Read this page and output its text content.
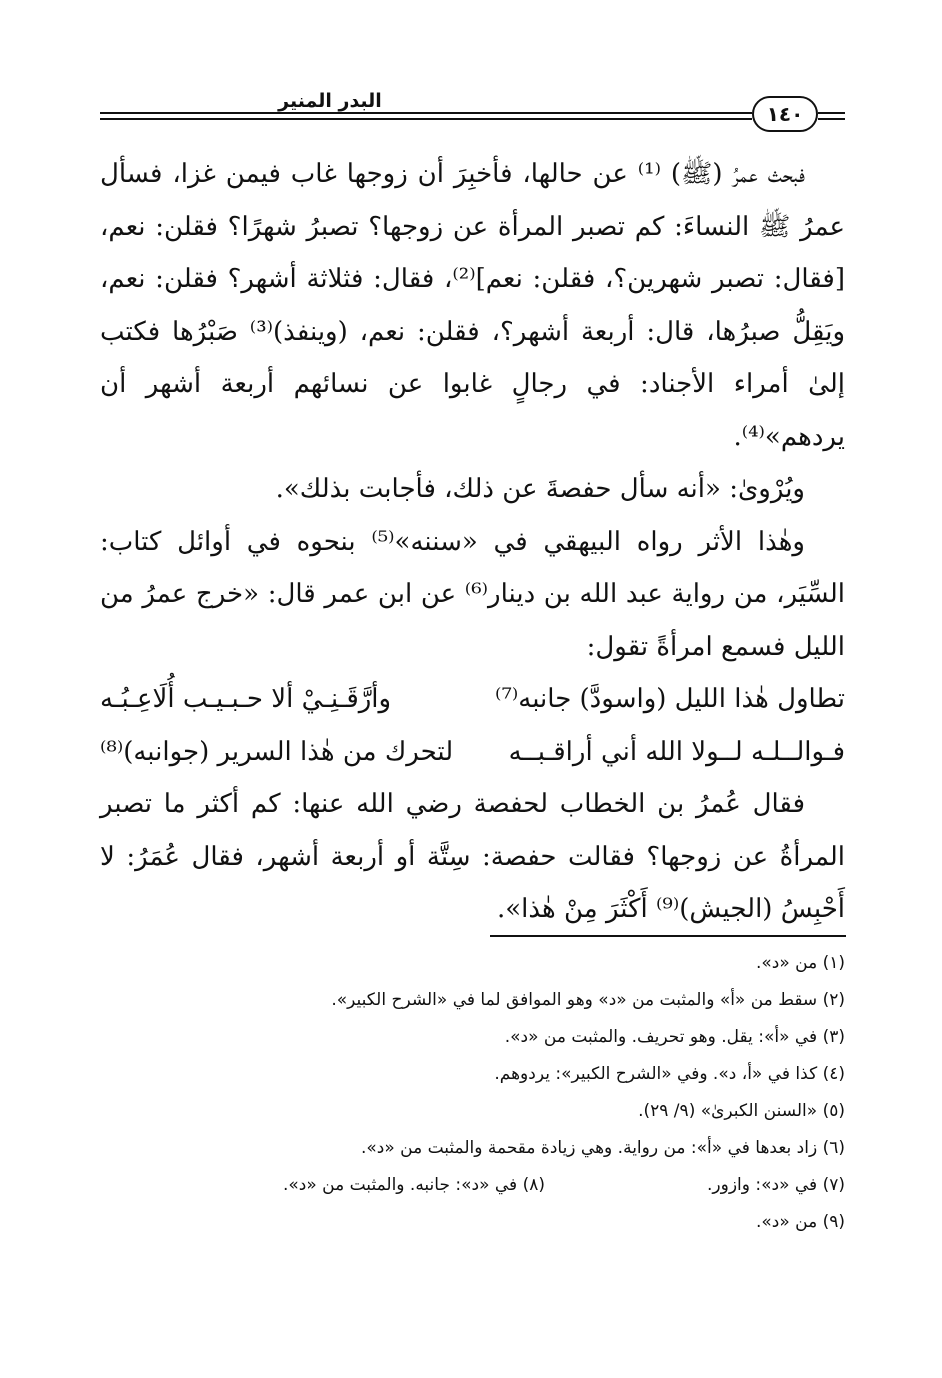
البدر المنير
١٤٠

فبحث عمرُ (ﷺ) ⁽¹⁾ عن حالها، فأخبِرَ أن زوجها غاب فيمن غزا، فسأل عمرُ ﷺ النساءَ: كم تصبر المرأة عن زوجها؟ تصبرُ شهرًا؟ فقلن: نعم، [فقال: تصبر شهرين؟، فقلن: نعم]⁽²⁾، فقال: فثلاثة أشهر؟ فقلن: نعم، ويَقِلُّ صبرُها، قال: أربعة أشهر؟، فقلن: نعم، (وينفذ)⁽³⁾ صَبْرُها فكتب إلىٰ أمراء الأجناد: في رجالٍ غابوا عن نسائهم أربعة أشهر أن يردهم»⁽⁴⁾.

ويُرْوىٰ: «أنه سأل حفصةَ عن ذلك، فأجابت بذلك».

وهٰذا الأثر رواه البيهقي في «سننه»⁽⁵⁾ بنحوه في أوائل كتاب: السِّيَر، من رواية عبد الله بن دينار⁽⁶⁾ عن ابن عمر قال: «خرج عمرُ من الليل فسمع امرأةً تقول:

تطاول هٰذا الليل (واسودَّ) جانبه⁽⁷⁾
وأرَّقَـنِـيْ ألا حـبـيـب أُلَاعِـبُـه
فـوالــلـه لــولا الله أني أراقـبــه
لتحرك من هٰذا السرير (جوانبه)⁽⁸⁾

فقال عُمرُ بن الخطاب لحفصة رضي الله عنها: كم أكثر ما تصبر المرأةُ عن زوجها؟ فقالت حفصة: سِتَّة أو أربعة أشهر، فقال عُمَرُ: لا أَحْبِسُ (الجيش)⁽⁹⁾ أَكْثَرَ مِنْ هٰذا».

(١) من «د».
(٢) سقط من «أ» والمثبت من «د» وهو الموافق لما في «الشرح الكبير».
(٣) في «أ»: يقل. وهو تحريف. والمثبت من «د».
(٤) كذا في «أ، د». وفي «الشرح الكبير»: يردوهم.
(٥) «السنن الكبرىٰ» (٩/ ٢٩).
(٦) زاد بعدها في «أ»: من رواية. وهي زيادة مقحمة والمثبت من «د».
(٧) في «د»: وازور.
(٨) في «د»: جانبه. والمثبت من «د».
(٩) من «د».
